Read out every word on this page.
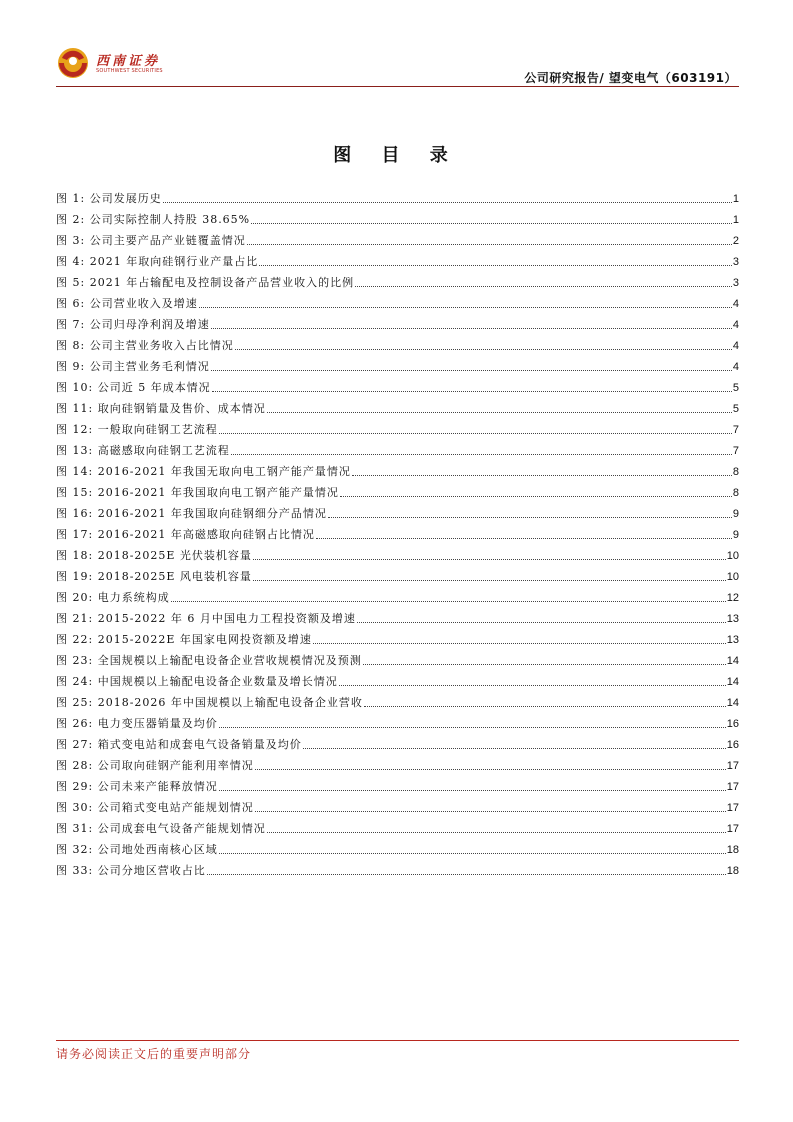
西南证券
SOUTHWEST SECURITIES	公司研究报告/ 望变电气（603191）
图 目 录
图 1: 公司发展历史	1
图 2: 公司实际控制人持股 38.65%	1
图 3: 公司主要产品产业链覆盖情况	2
图 4: 2021 年取向硅钢行业产量占比	3
图 5: 2021 年占输配电及控制设备产品营业收入的比例	3
图 6: 公司营业收入及增速	4
图 7: 公司归母净利润及增速	4
图 8: 公司主营业务收入占比情况	4
图 9: 公司主营业务毛利情况	4
图 10: 公司近 5 年成本情况	5
图 11: 取向硅钢销量及售价、成本情况	5
图 12: 一般取向硅钢工艺流程	7
图 13: 高磁感取向硅钢工艺流程	7
图 14: 2016-2021 年我国无取向电工钢产能产量情况	8
图 15: 2016-2021 年我国取向电工钢产能产量情况	8
图 16: 2016-2021 年我国取向硅钢细分产品情况	9
图 17: 2016-2021 年高磁感取向硅钢占比情况	9
图 18: 2018-2025E 光伏装机容量	10
图 19: 2018-2025E 风电装机容量	10
图 20: 电力系统构成	12
图 21: 2015-2022 年 6 月中国电力工程投资额及增速	13
图 22: 2015-2022E 年国家电网投资额及增速	13
图 23: 全国规模以上输配电设备企业营收规模情况及预测	14
图 24: 中国规模以上输配电设备企业数量及增长情况	14
图 25: 2018-2026 年中国规模以上输配电设备企业营收	14
图 26: 电力变压器销量及均价	16
图 27: 箱式变电站和成套电气设备销量及均价	16
图 28: 公司取向硅钢产能利用率情况	17
图 29: 公司未来产能释放情况	17
图 30: 公司箱式变电站产能规划情况	17
图 31: 公司成套电气设备产能规划情况	17
图 32: 公司地处西南核心区域	18
图 33: 公司分地区营收占比	18
请务必阅读正文后的重要声明部分
